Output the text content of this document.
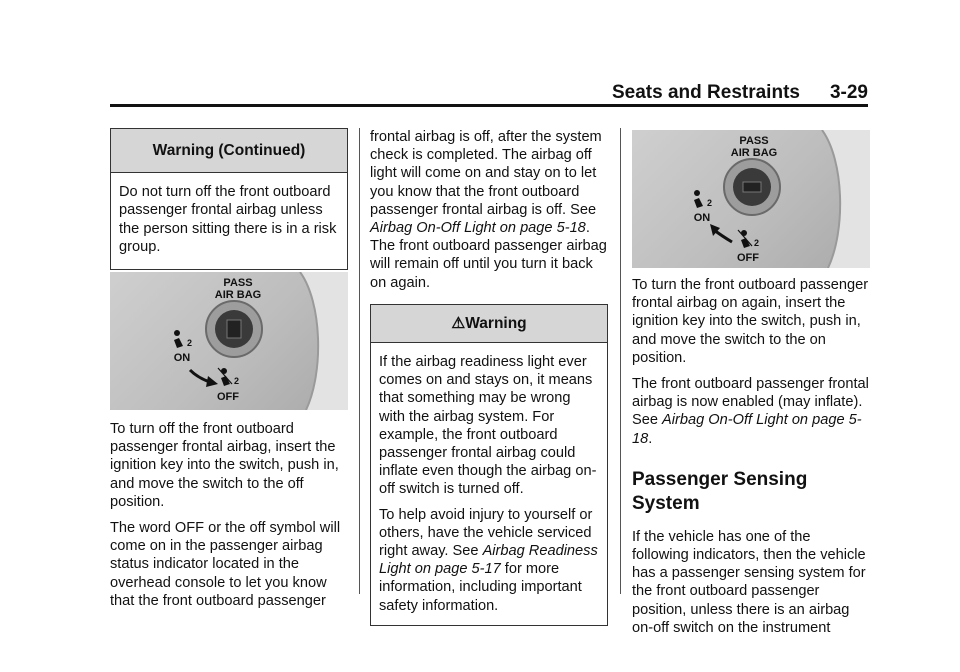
Seats and Restraints 3-29
Warning (Continued)

Do not turn off the front outboard passenger frontal airbag unless the person sitting there is in a risk group.

PASS
AIR BAG
2
ON
2
OFF

To turn off the front outboard passenger frontal airbag, insert the ignition key into the switch, push in, and move the switch to the off position.

The word OFF or the off symbol will come on in the passenger airbag status indicator located in the overhead console to let you know that the front outboard passenger

frontal airbag is off, after the system check is completed. The airbag off light will come on and stay on to let you know that the front outboard passenger frontal airbag is off. See Airbag On-Off Light on page 5-18. The front outboard passenger airbag will remain off until you turn it back on again.

⚠Warning

If the airbag readiness light ever comes on and stays on, it means that something may be wrong with the airbag system. For example, the front outboard passenger frontal airbag could inflate even though the airbag on-off switch is turned off.

To help avoid injury to yourself or others, have the vehicle serviced right away. See Airbag Readiness Light on page 5-17 for more information, including important safety information.

PASS
AIR BAG
2
ON
2
OFF

To turn the front outboard passenger frontal airbag on again, insert the ignition key into the switch, push in, and move the switch to the on position.

The front outboard passenger frontal airbag is now enabled (may inflate). See Airbag On-Off Light on page 5-18.

Passenger Sensing System

If the vehicle has one of the following indicators, then the vehicle has a passenger sensing system for the front outboard passenger position, unless there is an airbag on-off switch on the instrument
